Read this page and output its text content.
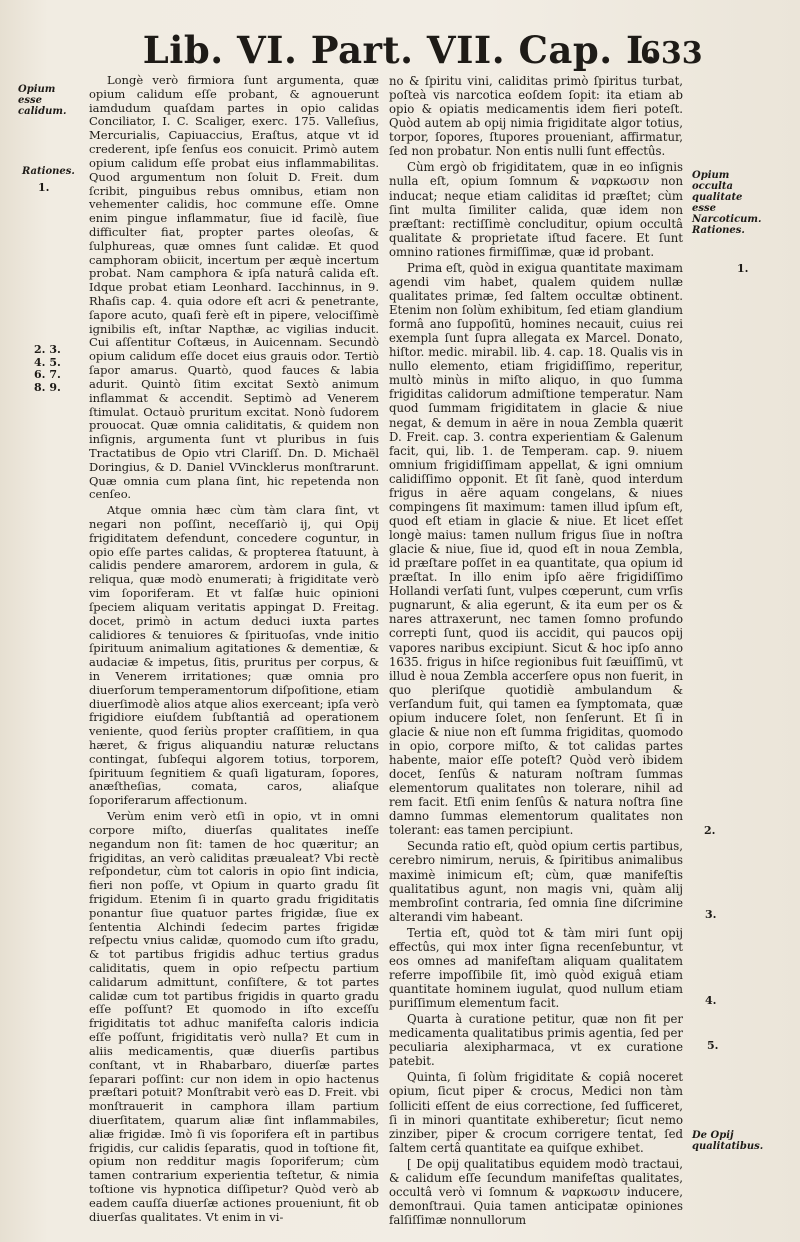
Lib. VI. Part. VII. Cap. I.
633
Opium esse calidum.
Rationes.
1.
2. 3. 4. 5. 6. 7. 8. 9.
Opium occulta qualitate esse Narcoticum. Rationes.
1.
2.
3.
4.
5.
De Opij qualitatibus.

Longè verò firmiora ſunt argumenta, quæ opium calidum eſſe probant, & agnouerunt iamdudum quaſdam partes in opio calidas Conciliator, I. C. Scaliger, exerc. 175. Valleſius, Mercurialis, Capiuaccius, Eraſtus, atque vt id crederent, ipſe ſenſus eos conuicit. Primò autem opium calidum eſſe probat eius inflammabilitas. Quod argumentum non ſoluit D. Freit. dum ſcribit, pinguibus rebus omnibus, etiam non vehementer calidis, hoc commune eſſe. Omne enim pingue inflammatur, ſiue id facilè, ſiue difficulter fiat, propter partes oleoſas, & ſulphureas, quæ omnes ſunt calidæ. Et quod camphoram obiicit, incertum per æquè incertum probat. Nam camphora & ipſa naturâ calida eſt. Idque probat etiam Leonhard. Iacchinnus, in 9. Rhaſis cap. 4. quia odore eſt acri & penetrante, ſapore acuto, quaſi ferè eſt in pipere, velociſſimè ignibilis eſt, inſtar Napthæ, ac vigilias inducit. Cui aſſentitur Coſtæus, in Auicennam. Secundò opium calidum eſſe docet eius grauis odor. Tertiò ſapor amarus. Quartò, quod fauces & labia adurit. Quintò ſitim excitat Sextò animum inflammat & accendit. Septimò ad Venerem ſtimulat. Octauò pruritum excitat. Nonò ſudorem prouocat. Quæ omnia caliditatis, & quidem non inſignis, argumenta ſunt vt pluribus in ſuis Tractatibus de Opio vtri Clariſſ. Dn. D. Michaël Doringius, & D. Daniel VVincklerus monſtrarunt. Quæ omnia cum plana ſint, hic repetenda non cenſeo.

Atque omnia hæc cùm tàm clara ſint, vt negari non poſſint, neceſſariò ij, qui Opij frigiditatem defendunt, concedere coguntur, in opio eſſe partes calidas, & propterea ſtatuunt, à calidis pendere amarorem, ardorem in gula, & reliqua, quæ modò enumerati; à frigiditate verò vim ſoporiferam. Et vt falſæ huic opinioni ſpeciem aliquam veritatis appingat D. Freitag. docet, primò in actum deduci iuxta partes calidiores & tenuiores & ſpirituoſas, vnde initio ſpirituum animalium agitationes & dementiæ, & audaciæ & impetus, ſitis, pruritus per corpus, & in Venerem irritationes; quæ omnia pro diuerſorum temperamentorum diſpoſitione, etiam diuerſimodè alios atque alios exerceant; ipſa verò frigidiore eiuſdem ſubſtantiâ ad operationem veniente, quod ſeriùs propter craſſitiem, in qua hæret, & frigus aliquandiu naturæ reluctans contingat, ſubſequi algorem totius, torporem, ſpirituum ſegnitiem & quaſi ligaturam, ſopores, anæſtheſias, comata, caros, aliaſque ſoporiferarum affectionum.

Verùm enim verò etſi in opio, vt in omni corpore miſto, diuerſas qualitates ineſſe negandum non ſit: tamen de hoc quæritur; an frigiditas, an verò caliditas præualeat? Vbi rectè reſpondetur, cùm tot caloris in opio ſint indicia, fieri non poſſe, vt Opium in quarto gradu ſit frigidum. Etenim ſi in quarto gradu frigiditatis ponantur ſiue quatuor partes frigidæ, ſiue ex ſententia Alchindi ſedecim partes frigidæ reſpectu vnius calidæ, quomodo cum iſto gradu, & tot partibus frigidis adhuc tertius gradus caliditatis, quem in opio reſpectu partium calidarum admittunt, conſiſtere, & tot partes calidæ cum tot partibus frigidis in quarto gradu eſſe poſſunt? Et quomodo in iſto exceſſu frigiditatis tot adhuc manifeſta caloris indicia eſſe poſſunt, frigiditatis verò nulla? Et cum in aliis medicamentis, quæ diuerſis partibus conſtant, vt in Rhabarbaro, diuerſæ partes ſeparari poſſint: cur non idem in opio hactenus præſtari potuit? Monſtrabit verò eas D. Freit. vbi monſtrauerit in camphora illam partium diuerſitatem, quarum aliæ ſint inflammabiles, aliæ frigidæ. Imò ſi vis ſoporifera eſt in partibus frigidis, cur calidis ſeparatis, quod in toſtione fit, opium non redditur magis ſoporiferum; cùm tamen contrarium experientia teſtetur, & nimia toſtione vis hypnotica diſſipetur? Quòd verò ab eadem cauſſa diuerſæ actiones proueniunt, fit ob diuerſas qualitates. Vt enim in vi-

no & ſpiritu vini, caliditas primò ſpiritus turbat, poſteà vis narcotica eoſdem ſopit: ita etiam ab opio & opiatis medicamentis idem fieri poteſt. Quòd autem ab opij nimia frigiditate algor totius, torpor, ſopores, ſtupores proueniant, affirmatur, ſed non probatur. Non entis nulli ſunt effectûs.

Cùm ergò ob frigiditatem, quæ in eo inſignis nulla eſt, opium ſomnum & ναρκωσιν non inducat; neque etiam caliditas id præſtet; cùm ſint multa ſimiliter calida, quæ idem non præſtant: rectiſſimè concluditur, opium occultâ qualitate & proprietate iſtud facere. Et ſunt omnino rationes firmiſſimæ, quæ id probant.

Prima eſt, quòd in exigua quantitate maximam agendi vim habet, qualem quidem nullæ qualitates primæ, ſed ſaltem occultæ obtinent. Etenim non ſolùm exhibitum, ſed etiam glandium formâ ano ſuppoſitū, homines necauit, cuius rei exempla ſunt ſupra allegata ex Marcel. Donato, hiſtor. medic. mirabil. lib. 4. cap. 18. Qualis vis in nullo elemento, etiam frigidiſſimo, reperitur, multò minùs in miſto aliquo, in quo ſumma frigiditas calidorum admiſtione temperatur. Nam quod ſummam frigiditatem in glacie & niue negat, & demum in aëre in noua Zembla quærit D. Freit. cap. 3. contra experientiam & Galenum facit, qui, lib. 1. de Temperam. cap. 9. niuem omnium frigidiſſimam appellat, & igni omnium calidiſſimo opponit. Et ſit ſanè, quod interdum frigus in aëre aquam congelans, & niues compingens ſit maximum: tamen illud ipſum eſt, quod eſt etiam in glacie & niue. Et licet eſſet longè maius: tamen nullum frigus ſiue in noſtra glacie & niue, ſiue id, quod eſt in noua Zembla, id præſtare poſſet in ea quantitate, qua opium id præſtat. In illo enim ipſo aëre frigidiſſimo Hollandi verſati ſunt, vulpes cœperunt, cum vrſis pugnarunt, & alia egerunt, & ita eum per os & nares attraxerunt, nec tamen ſomno profundo correpti ſunt, quod iis accidit, qui paucos opij vapores naribus excipiunt. Sicut & hoc ipſo anno 1635. frigus in hiſce regionibus fuit ſæuiſſimū, vt illud è noua Zembla accerſere opus non fuerit, in quo pleriſque quotidiè ambulandum & verſandum fuit, qui tamen ea ſymptomata, quæ opium inducere ſolet, non ſenſerunt. Et ſi in glacie & niue non eſt ſumma frigiditas, quomodo in opio, corpore miſto, & tot calidas partes habente, maior eſſe poteſt? Quòd verò ibidem docet, ſenſûs & naturam noſtram ſummas elementorum qualitates non tolerare, nihil ad rem facit. Etſi enim ſenſûs & natura noſtra ſine damno ſummas elementorum qualitates non tolerant: eas tamen percipiunt.

Secunda ratio eſt, quòd opium certis partibus, cerebro nimirum, neruis, & ſpiritibus animalibus maximè inimicum eſt; cùm, quæ manifeſtis qualitatibus agunt, non magis vni, quàm alij membroſint contraria, ſed omnia ſine diſcrimine alterandi vim habeant.

Tertia eſt, quòd tot & tàm miri ſunt opij effectûs, qui mox inter ſigna recenſebuntur, vt eos omnes ad manifeſtam aliquam qualitatem referre impoſſibile ſit, imò quòd exiguâ etiam quantitate hominem iugulat, quod nullum etiam puriſſimum elementum facit.

Quarta à curatione petitur, quæ non fit per medicamenta qualitatibus primis agentia, ſed per peculiaria alexipharmaca, vt ex curatione patebit.

Quinta, ſi ſolùm frigiditate & copiâ noceret opium, ſicut piper & crocus, Medici non tàm ſolliciti eſſent de eius correctione, ſed ſufficeret, ſi in minori quantitate exhiberetur; ſicut nemo zinziber, piper & crocum corrigere tentat, ſed ſaltem certâ quantitate ea quiſque exhibet.

[ De opij qualitatibus equidem modò tractaui, & calidum eſſe ſecundum manifeſtas qualitates, occultâ verò vi ſomnum & ναρκωσιν inducere, demonſtraui. Quia tamen anticipatæ opiniones falſiſſimæ nonnullorum
